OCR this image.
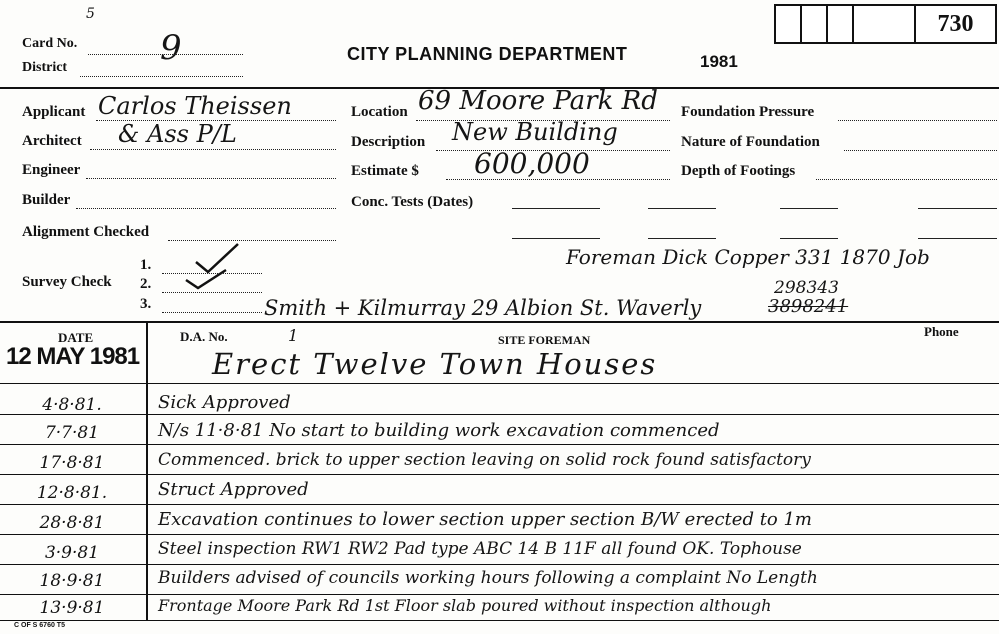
Card No.
5
9
District
CITY PLANNING DEPARTMENT	1981
730
Applicant Carlos Theissen
Architect & Ass P/L
Engineer
Builder
Alignment Checked
Survey Check
1.
2.
3.
Location 69 Moore Park Rd
Description New Building
Estimate $ 600,000
Conc. Tests (Dates)
Foundation Pressure
Nature of Foundation
Depth of Footings
Foreman Dick Copper 331 1870 Job
Smith + Kilmurray 29 Albion St. Waverly
298343
3898241
DATE	D.A. No.	1	SITE FOREMAN
Phone
12 MAY 1981	Erect Twelve Town Houses
4·8·81.	Sick Approved
7·7·81	N/s 11·8·81 No start to building work excavation commenced
17·8·81	Commenced. brick to upper section leaving on solid rock found satisfactory
12·8·81.	Struct Approved
28·8·81	Excavation continues to lower section upper section B/W erected to 1m
3·9·81	Steel inspection RW1 RW2 Pad type ABC 14 B 11F all found OK. Tophouse
18·9·81	Builders advised of councils working hours following a complaint No Length
13·9·81	Frontage Moore Park Rd 1st Floor slab poured without inspection although
C OF S 6760 T5
